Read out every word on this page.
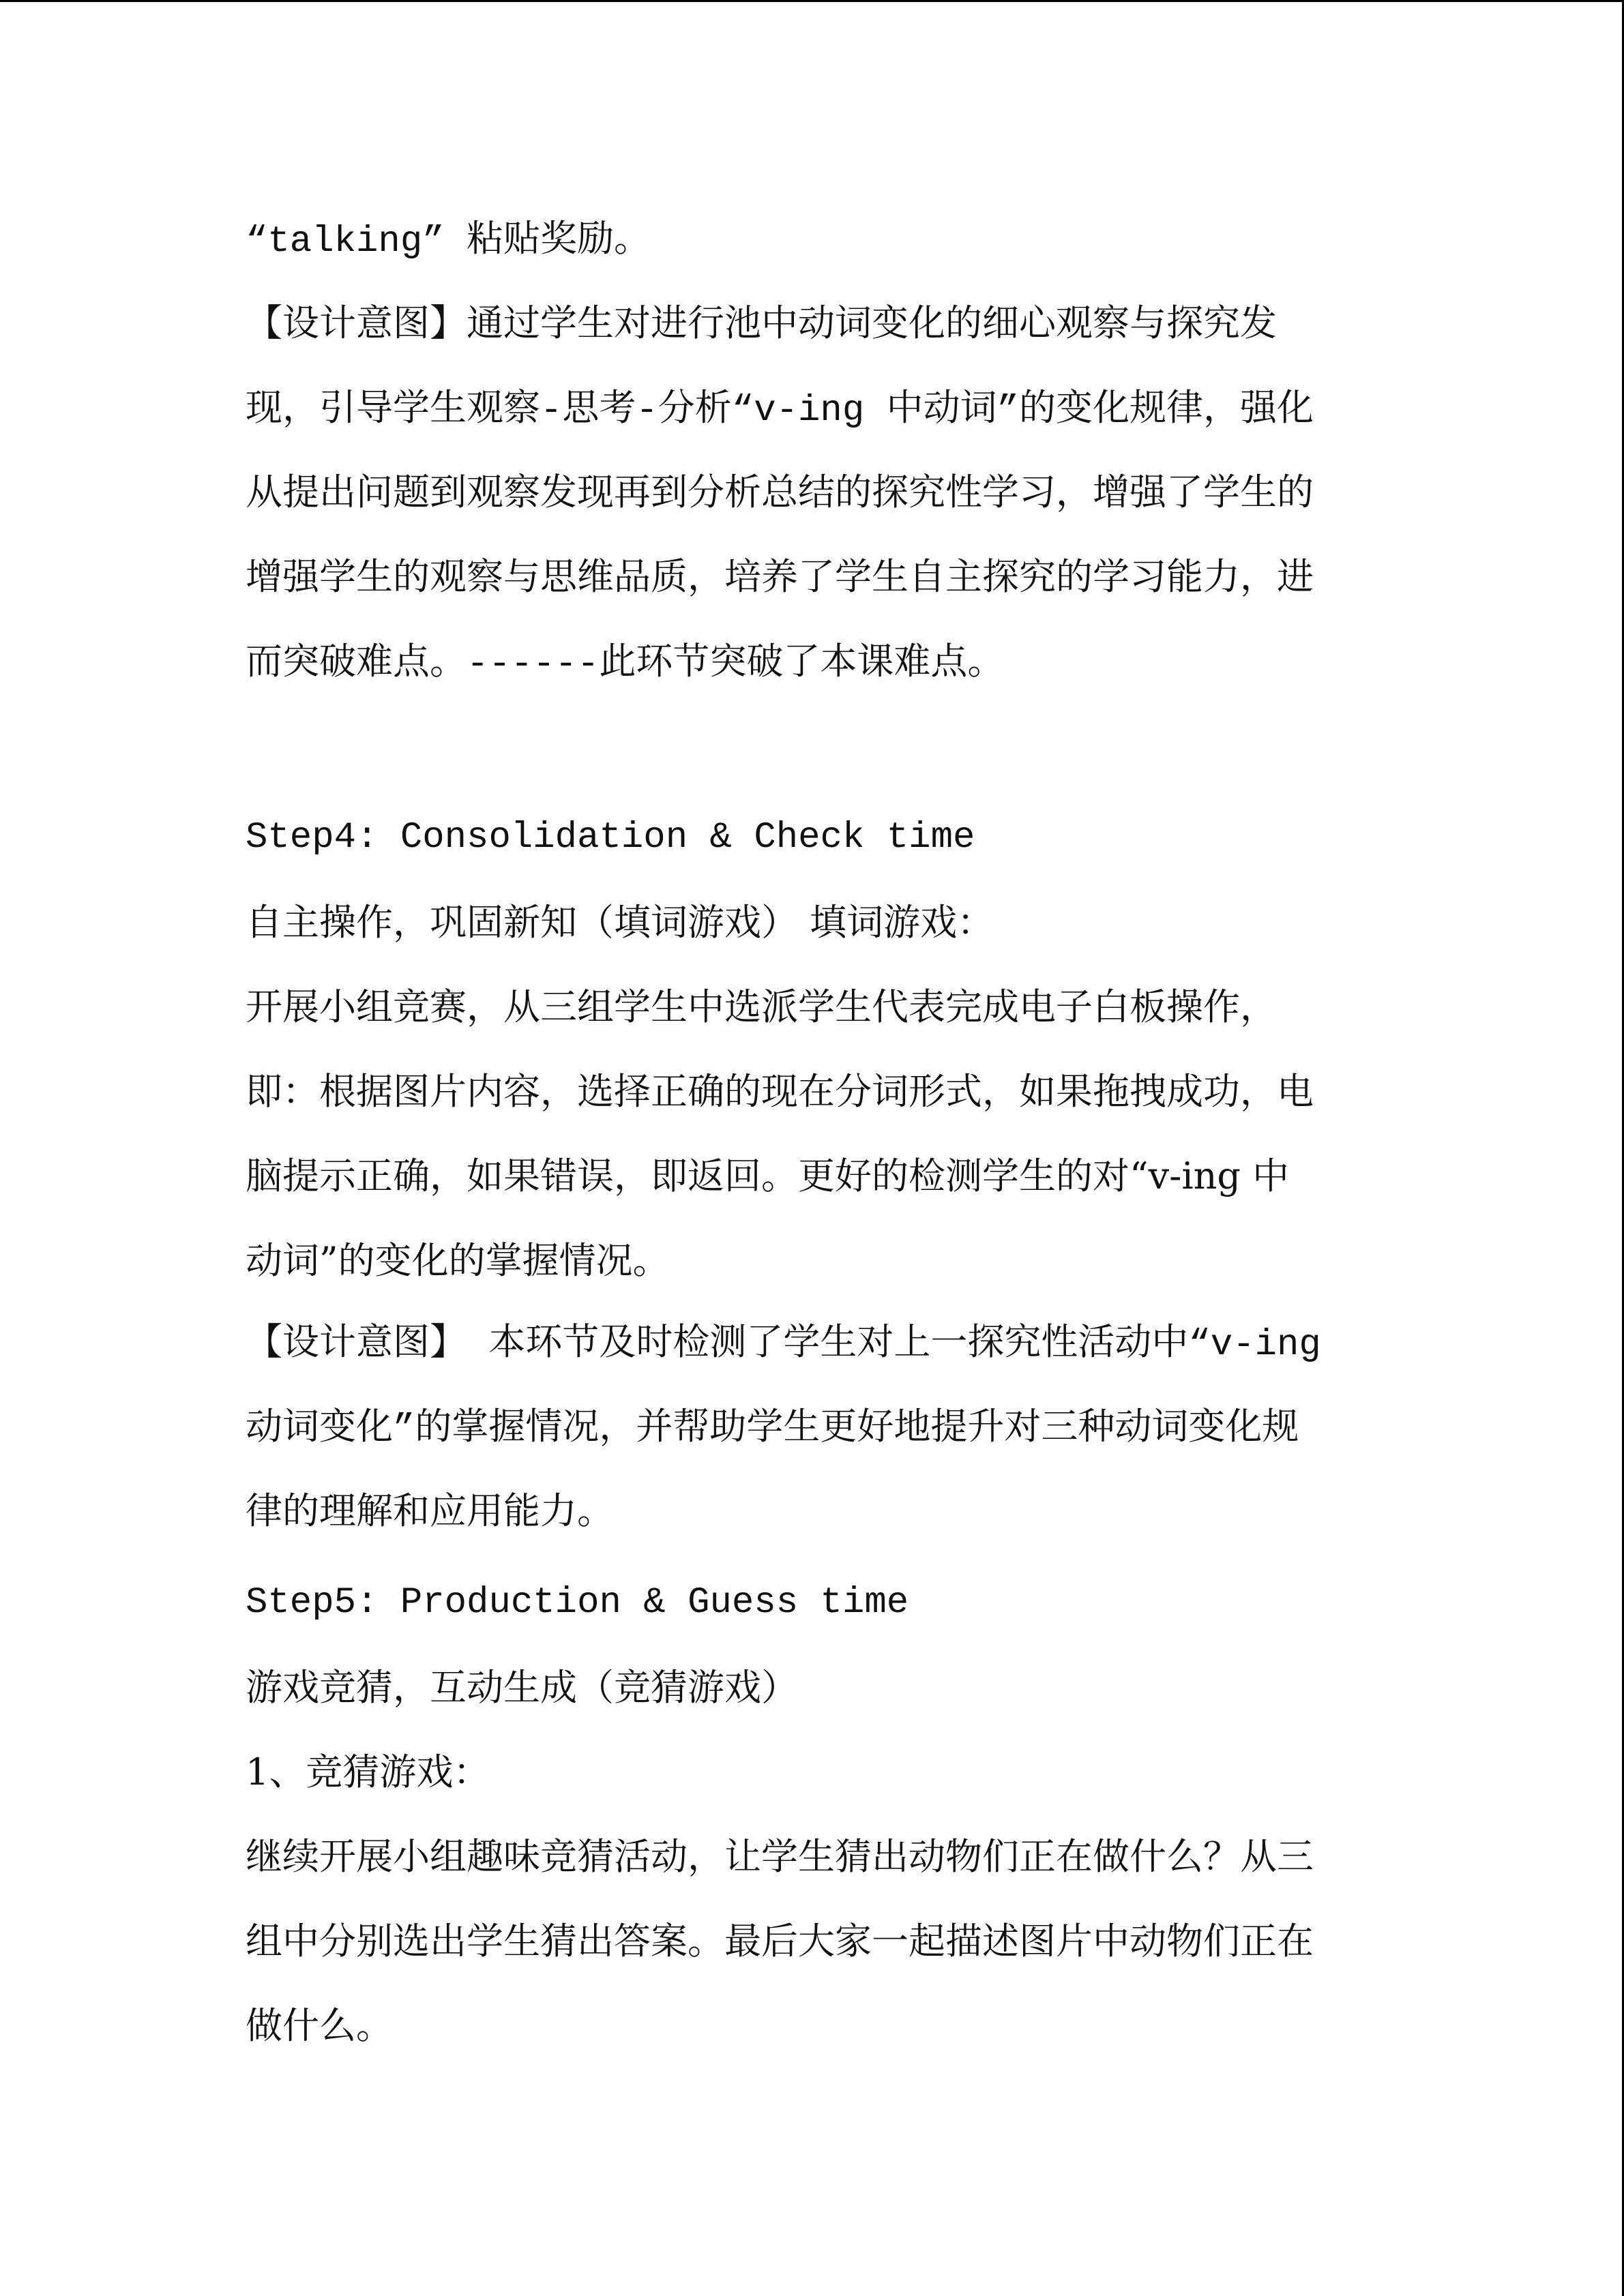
“talking” 粘贴奖励。

【设计意图】通过学生对进行池中动词变化的细心观察与探究发

现，引导学生观察-思考-分析“v-ing 中动词”的变化规律，强化

从提出问题到观察发现再到分析总结的探究性学习，增强了学生的

增强学生的观察与思维品质，培养了学生自主探究的学习能力，进

而突破难点。------此环节突破了本课难点。

Step4: Consolidation & Check time

自主操作，巩固新知（填词游戏） 填词游戏：

开展小组竞赛，从三组学生中选派学生代表完成电子白板操作，

即：根据图片内容，选择正确的现在分词形式，如果拖拽成功，电

脑提示正确，如果错误，即返回。更好的检测学生的对“v-ing 中

动词”的变化的掌握情况。

【设计意图】 本环节及时检测了学生对上一探究性活动中“v-ing

动词变化”的掌握情况，并帮助学生更好地提升对三种动词变化规

律的理解和应用能力。

Step5: Production & Guess time

游戏竞猜，互动生成（竞猜游戏）

1、竞猜游戏：

继续开展小组趣味竞猜活动，让学生猜出动物们正在做什么？从三

组中分别选出学生猜出答案。最后大家一起描述图片中动物们正在

做什么。
